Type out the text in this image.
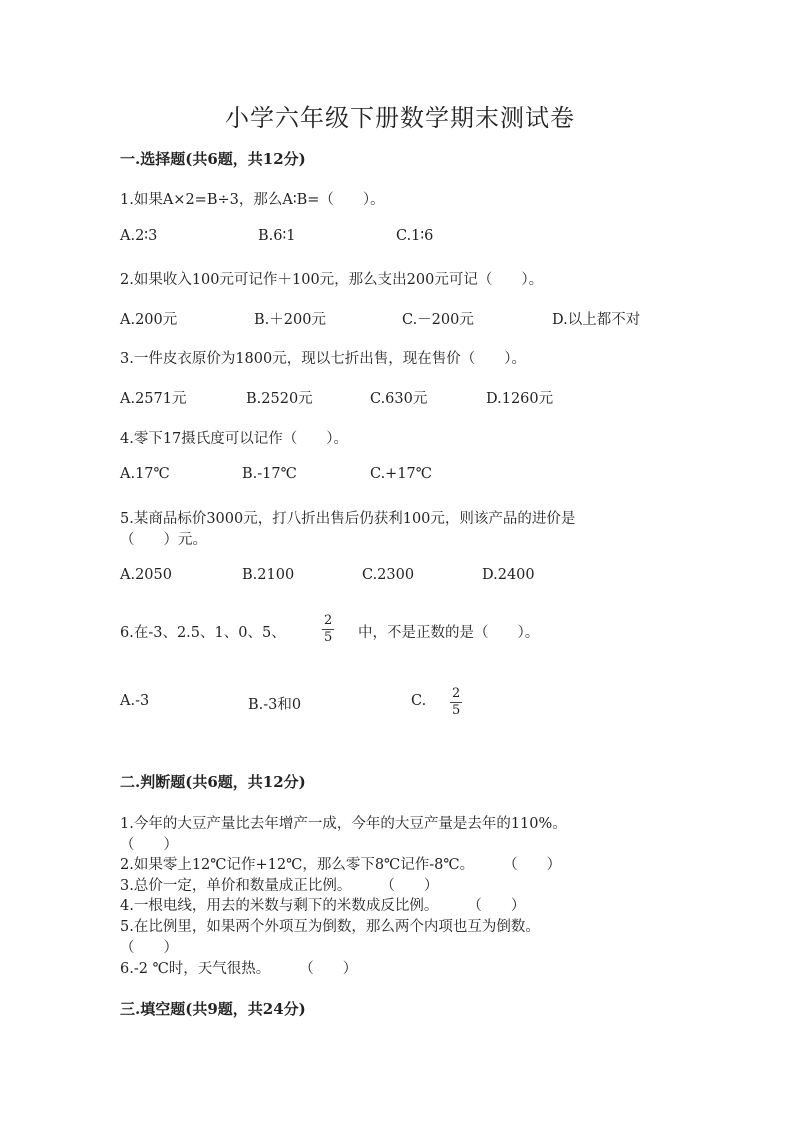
小学六年级下册数学期末测试卷
一.选择题(共6题，共12分)
1.如果A×2=B÷3，那么A∶B=（　　）。
A.2∶3	B.6∶1	C.1∶6
2.如果收入100元可记作＋100元，那么支出200元可记（　　）。
A.200元	B.＋200元	C.－200元	D.以上都不对
3.一件皮衣原价为1800元，现以七折出售，现在售价（　　）。
A.2571元	B.2520元	C.630元	D.1260元
4.零下17摄氏度可以记作（　　）。
A.17℃	B.-17℃	C.+17℃
5.某商品标价3000元，打八折出售后仍获利100元，则该产品的进价是
（　　）元。
A.2050	B.2100	C.2300	D.2400
6.在-3、2.5、1、0、5、	$\frac{2}{5}$ 中，不是正数的是（　　）。
A.-3	B.-3和0	C. $\frac{2}{5}$
二.判断题(共6题，共12分)
1.今年的大豆产量比去年增产一成，今年的大豆产量是去年的110%。
（　　）
2.如果零上12℃记作+12℃，那么零下8℃记作-8℃。　　　（　　）
3.总价一定，单价和数量成正比例。　　　（　　）
4.一根电线，用去的米数与剩下的米数成反比例。　　　（　　）
5.在比例里，如果两个外项互为倒数，那么两个内项也互为倒数。
（　　）
6.-2 ℃时，天气很热。　　　（　　）
三.填空题(共9题，共24分)
